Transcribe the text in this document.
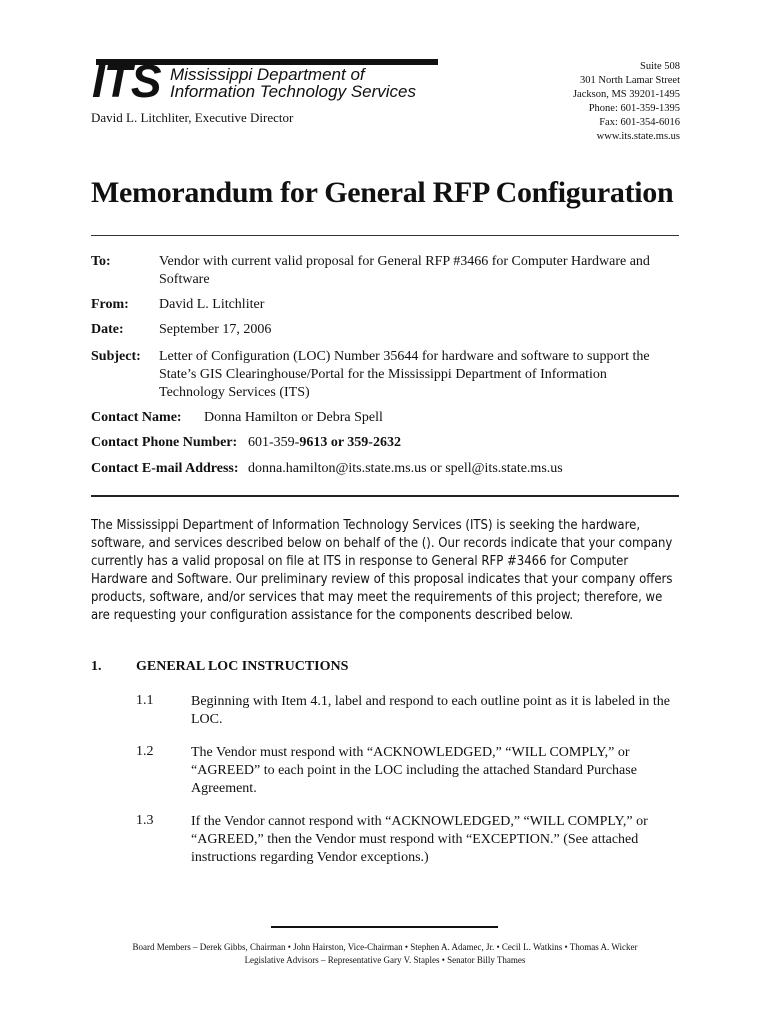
ITS Mississippi Department of
Information Technology Services
David L. Litchliter, Executive Director
Suite 508
301 North Lamar Street
Jackson, MS 39201-1495
Phone: 601-359-1395
Fax: 601-354-6016
www.its.state.ms.us
Memorandum for General RFP Configuration
To:	Vendor with current valid proposal for General RFP #3466 for Computer Hardware and Software
From: David L. Litchliter
Date:	September 17, 2006
Subject: Letter of Configuration (LOC) Number 35644 for hardware and software to support the State’s GIS Clearinghouse/Portal for the Mississippi Department of Information Technology Services (ITS)
Contact Name: Donna Hamilton or Debra Spell
Contact Phone Number: 601-359-9613 or 359-2632
Contact E-mail Address: donna.hamilton@its.state.ms.us or spell@its.state.ms.us
The Mississippi Department of Information Technology Services (ITS) is seeking the hardware, software, and services described below on behalf of the (). Our records indicate that your company currently has a valid proposal on file at ITS in response to General RFP #3466 for Computer Hardware and Software. Our preliminary review of this proposal indicates that your company offers products, software, and/or services that may meet the requirements of this project; therefore, we are requesting your configuration assistance for the components described below.
1. GENERAL LOC INSTRUCTIONS
1.1	Beginning with Item 4.1, label and respond to each outline point as it is labeled in the LOC.
1.2	The Vendor must respond with “ACKNOWLEDGED,” “WILL COMPLY,” or “AGREED” to each point in the LOC including the attached Standard Purchase Agreement.
1.3	If the Vendor cannot respond with “ACKNOWLEDGED,” “WILL COMPLY,” or “AGREED,” then the Vendor must respond with “EXCEPTION.” (See attached instructions regarding Vendor exceptions.)
Board Members – Derek Gibbs, Chairman • John Hairston, Vice-Chairman • Stephen A. Adamec, Jr. • Cecil L. Watkins • Thomas A. Wicker
Legislative Advisors – Representative Gary V. Staples • Senator Billy Thames
